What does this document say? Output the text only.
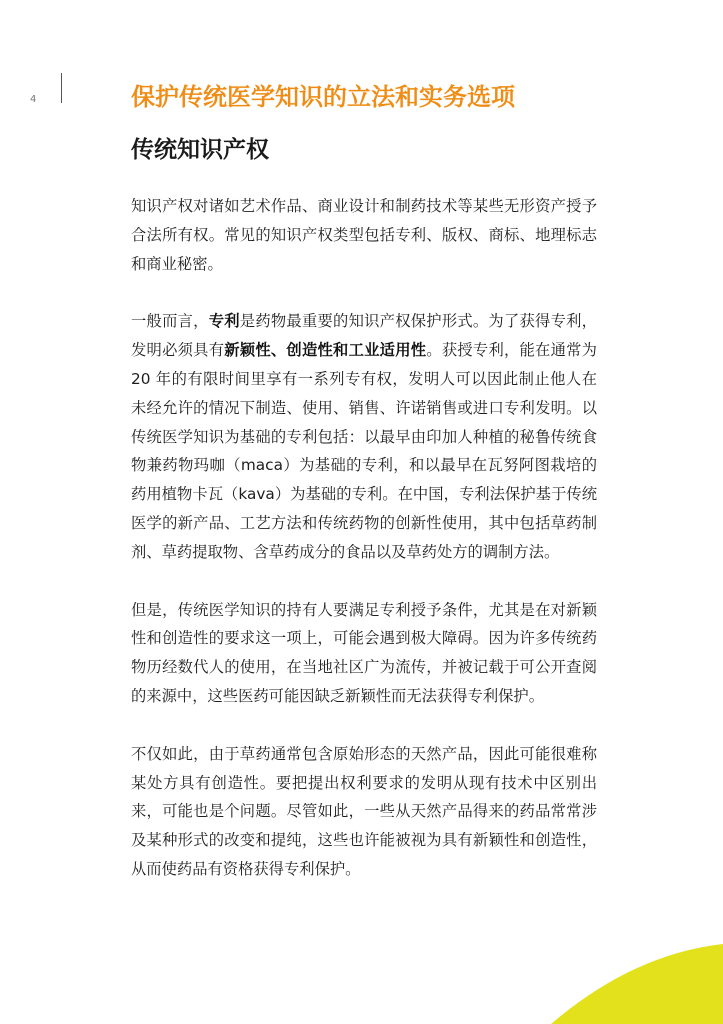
4	保护传统医学知识的立法和实务选项
传统知识产权

知识产权对诸如艺术作品、商业设计和制药技术等某些无形资产授予合法所有权。常见的知识产权类型包括专利、版权、商标、地理标志和商业秘密。

一般而言，专利是药物最重要的知识产权保护形式。为了获得专利，发明必须具有新颖性、创造性和工业适用性。获授专利，能在通常为 20 年的有限时间里享有一系列专有权，发明人可以因此制止他人在未经允许的情况下制造、使用、销售、许诺销售或进口专利发明。以传统医学知识为基础的专利包括：以最早由印加人种植的秘鲁传统食物兼药物玛咖（maca）为基础的专利，和以最早在瓦努阿图栽培的药用植物卡瓦（kava）为基础的专利。在中国，专利法保护基于传统医学的新产品、工艺方法和传统药物的创新性使用，其中包括草药制剂、草药提取物、含草药成分的食品以及草药处方的调制方法。

但是，传统医学知识的持有人要满足专利授予条件，尤其是在对新颖性和创造性的要求这一项上，可能会遇到极大障碍。因为许多传统药物历经数代人的使用，在当地社区广为流传，并被记载于可公开查阅的来源中，这些医药可能因缺乏新颖性而无法获得专利保护。

不仅如此，由于草药通常包含原始形态的天然产品，因此可能很难称某处方具有创造性。要把提出权利要求的发明从现有技术中区别出来，可能也是个问题。尽管如此，一些从天然产品得来的药品常常涉及某种形式的改变和提纯，这些也许能被视为具有新颖性和创造性，从而使药品有资格获得专利保护。
